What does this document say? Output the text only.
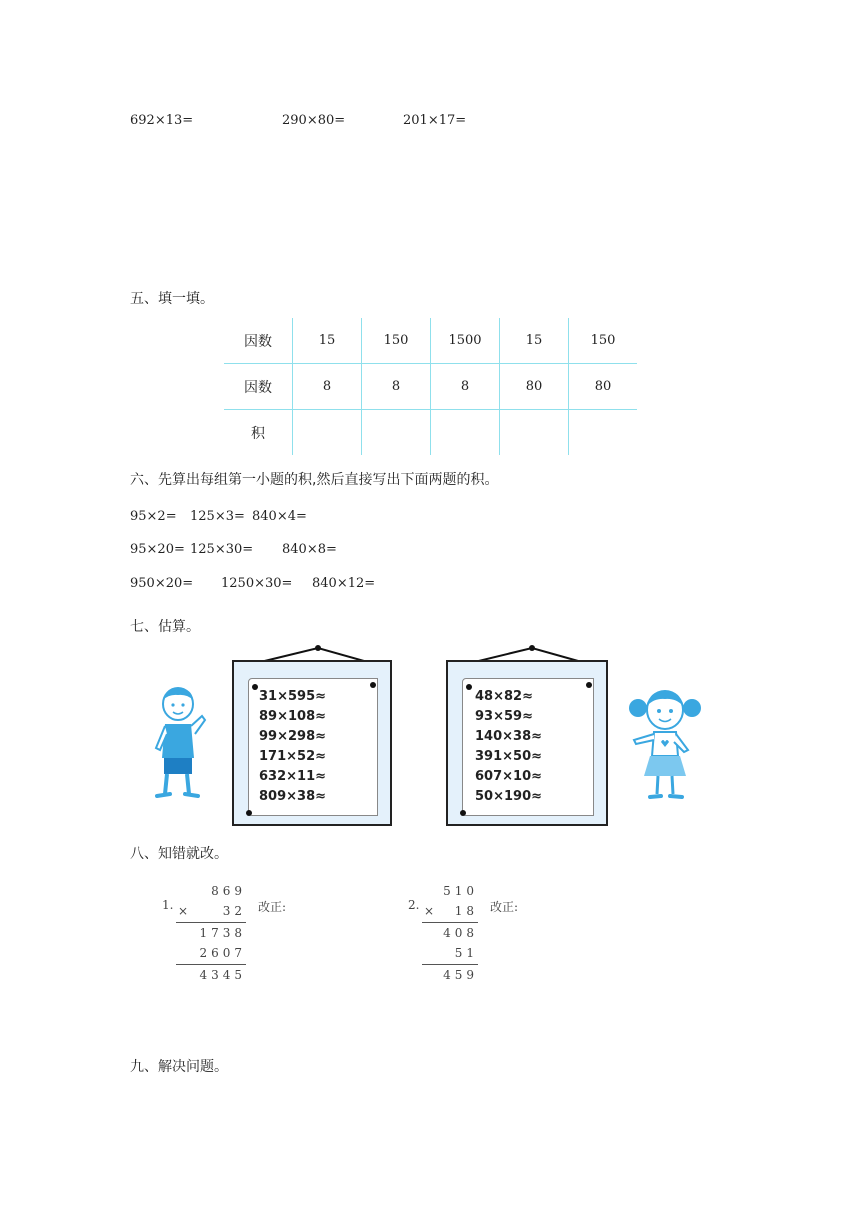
692×13=	290×80=	201×17=
五、填一填。
因数	15	150	1500	15	150
因数	8	8	8	80	80
积					
六、先算出每组第一小题的积,然后直接写出下面两题的积。
95×2= 125×3= 840×4=
95×20= 125×30= 840×8=
950×20= 1250×30= 840×12=
七、估算。
31×595≈
89×108≈
99×298≈
171×52≈
632×11≈
809×38≈
48×82≈
93×59≈
140×38≈
391×50≈
607×10≈
50×190≈
八、知错就改。
1.
869
×	32
1738
2607
4345
改正:	2.
510
× 18
408
51
459
改正:
九、解决问题。
